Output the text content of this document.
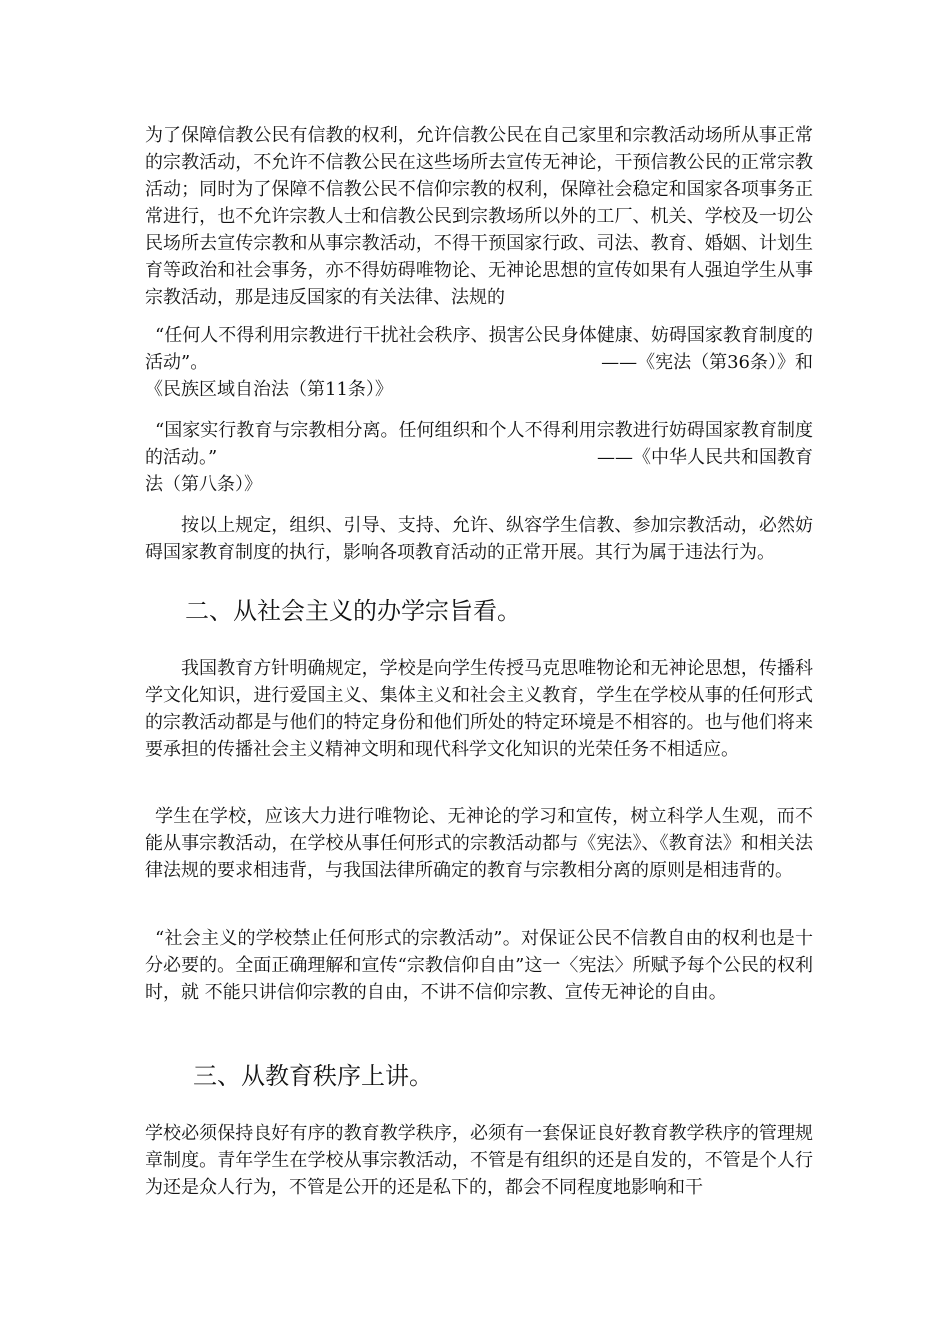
为了保障信教公民有信教的权利，允许信教公民在自己家里和宗教活动场所从事正常的宗教活动，不允许不信教公民在这些场所去宣传无神论，干预信教公民的正常宗教活动；同时为了保障不信教公民不信仰宗教的权利，保障社会稳定和国家各项事务正常进行，也不允许宗教人士和信教公民到宗教场所以外的工厂、机关、学校及一切公民场所去宣传宗教和从事宗教活动，不得干预国家行政、司法、教育、婚姻、计划生育等政治和社会事务，亦不得妨碍唯物论、无神论思想的宣传如果有人强迫学生从事宗教活动，那是违反国家的有关法律、法规的

“任何人不得利用宗教进行干扰社会秩序、损害公民身体健康、妨碍国家教育制度的活动”。	——《宪法（第36条）》和

《民族区域自治法（第11条）》

“国家实行教育与宗教相分离。任何组织和个人不得利用宗教进行妨碍国家教育制度的活动。”	——《中华人民共和国教育

法（第八条）》

按以上规定，组织、引导、支持、允许、纵容学生信教、参加宗教活动，必然妨碍国家教育制度的执行，影响各项教育活动的正常开展。其行为属于违法行为。

二、从社会主义的办学宗旨看。

我国教育方针明确规定，学校是向学生传授马克思唯物论和无神论思想，传播科学文化知识，进行爱国主义、集体主义和社会主义教育，学生在学校从事的任何形式的宗教活动都是与他们的特定身份和他们所处的特定环境是不相容的。也与他们将来要承担的传播社会主义精神文明和现代科学文化知识的光荣任务不相适应。

学生在学校，应该大力进行唯物论、无神论的学习和宣传，树立科学人生观，而不能从事宗教活动，在学校从事任何形式的宗教活动都与《宪法》、《教育法》和相关法律法规的要求相违背，与我国法律所确定的教育与宗教相分离的原则是相违背的。

“社会主义的学校禁止任何形式的宗教活动”。对保证公民不信教自由的权利也是十分必要的。全面正确理解和宣传“宗教信仰自由”这一〈宪法〉所赋予每个公民的权利时，就 不能只讲信仰宗教的自由，不讲不信仰宗教、宣传无神论的自由。

三、从教育秩序上讲。

学校必须保持良好有序的教育教学秩序，必须有一套保证良好教育教学秩序的管理规章制度。青年学生在学校从事宗教活动，不管是有组织的还是自发的，不管是个人行为还是众人行为，不管是公开的还是私下的，都会不同程度地影响和干
